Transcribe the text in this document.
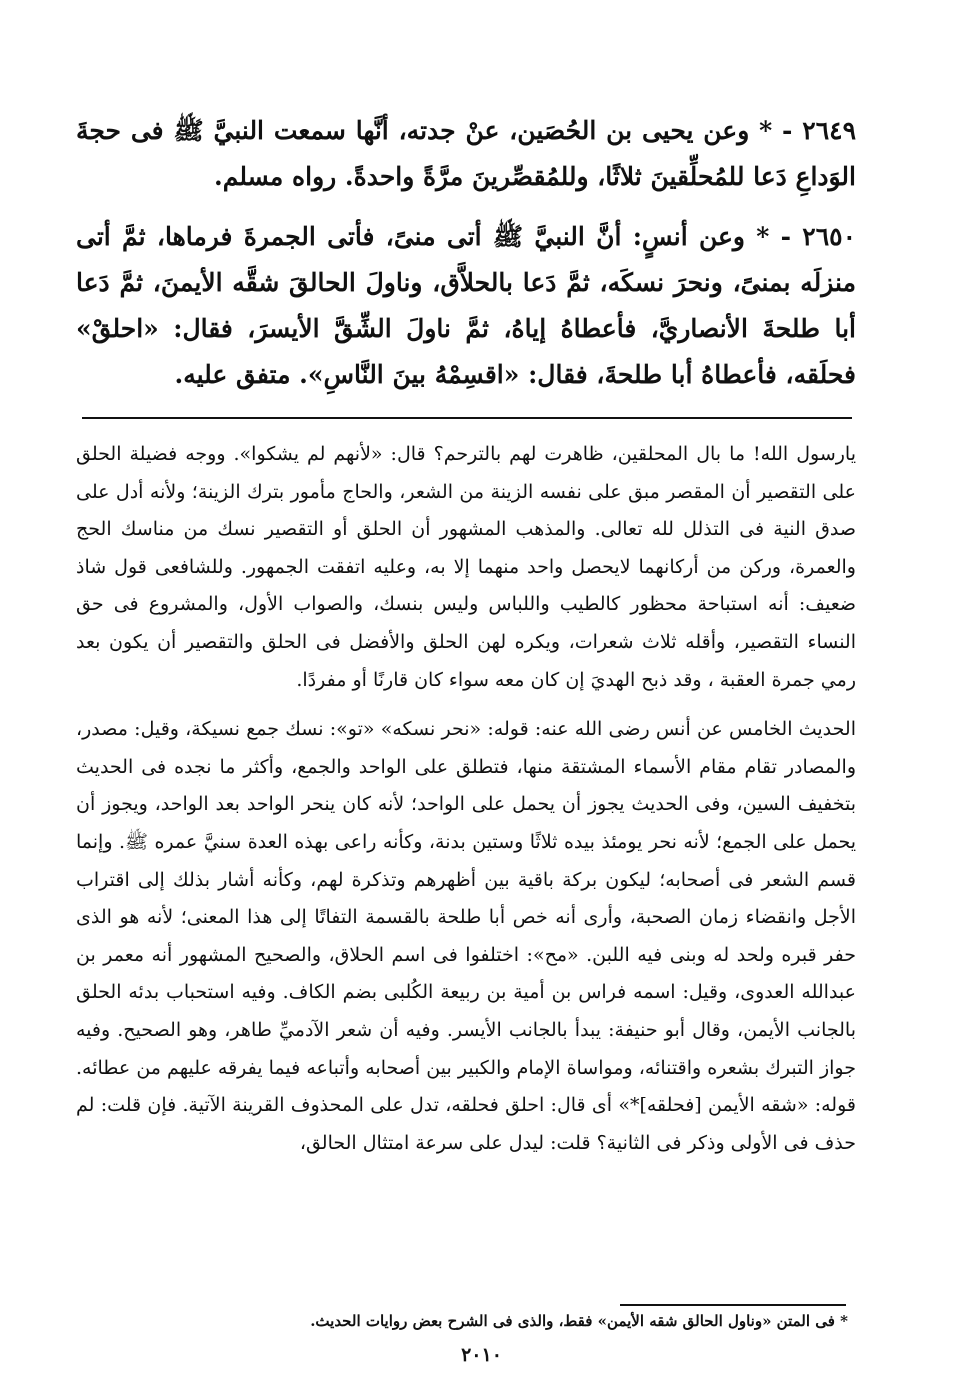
٢٦٤٩ - * وعن يحيى بن الحُصَين، عنْ جدته، أنَّها سمعت النبيَّ ﷺ فى حجةَ الوَداعِ دَعا للمُحلِّقينَ ثلاثًا، وللمُقصِّرينَ مرَّةً واحدةً. رواه مسلم.

٢٦٥٠ - * وعن أنسٍ: أنَّ النبيَّ ﷺ أتى منىً، فأتى الجمرةَ فرماها، ثمَّ أتى منزلَه بمنىً، ونحرَ نسكَه، ثمَّ دَعا بالحلاَّق، وناولَ الحالقَ شقَّه الأيمنَ، ثمَّ دَعا أبا طلحةَ الأنصاريَّ، فأعطاهُ إياهُ، ثمَّ ناولَ الشِّقَّ الأيسرَ، فقال: «احلقْ» فحلَقه، فأعطاهُ أبا طلحةَ، فقال: «اقسِمْهُ بينَ النَّاسِ». متفق عليه.

يارسول الله! ما بال المحلقين، ظاهرت لهم بالترحم؟ قال: «لأنهم لم يشكوا». ووجه فضيلة الحلق على التقصير أن المقصر مبق على نفسه الزينة من الشعر، والحاج مأمور بترك الزينة؛ ولأنه أدل على صدق النية فى التذلل لله تعالى. والمذهب المشهور أن الحلق أو التقصير نسك من مناسك الحج والعمرة، وركن من أركانهما لايحصل واحد منهما إلا به، وعليه اتفقت الجمهور. وللشافعى قول شاذ ضعيف: أنه استباحة محظور كالطيب واللباس وليس بنسك، والصواب الأول، والمشروع فى حق النساء التقصير، وأقله ثلاث شعرات، ويكره لهن الحلق والأفضل فى الحلق والتقصير أن يكون بعد رمي جمرة العقبة ، وقد ذبح الهديَ إن كان معه سواء كان قارنًا أو مفردًا.

الحديث الخامس عن أنس رضى الله عنه: قوله: «نحر نسكه» «تو»: نسك جمع نسيكة، وقيل: مصدر، والمصادر تقام مقام الأسماء المشتقة منها، فتطلق على الواحد والجمع، وأكثر ما نجده فى الحديث بتخفيف السين، وفى الحديث يجوز أن يحمل على الواحد؛ لأنه كان ينحر الواحد بعد الواحد، ويجوز أن يحمل على الجمع؛ لأنه نحر يومئذ بيده ثلاثًا وستين بدنة، وكأنه راعى بهذه العدة سنيَّ عمره ﷺ. وإنما قسم الشعر فى أصحابه؛ ليكون بركة باقية بين أظهرهم وتذكرة لهم، وكأنه أشار بذلك إلى اقتراب الأجل وانقضاء زمان الصحبة، وأرى أنه خص أبا طلحة بالقسمة التفاتًا إلى هذا المعنى؛ لأنه هو الذى حفر قبره ولحد له وبنى فيه اللبن. «مح»: اختلفوا فى اسم الحلاق، والصحيح المشهور أنه معمر بن عبدالله العدوى، وقيل: اسمه فراس بن أمية بن ربيعة الكُلبى بضم الكاف. وفيه استحباب بدئه الحلق بالجانب الأيمن، وقال أبو حنيفة: يبدأ بالجانب الأيسر. وفيه أن شعر الآدميِّ طاهر، وهو الصحيح. وفيه جواز التبرك بشعره واقتنائه، ومواساة الإمام والكبير بين أصحابه وأتباعه فيما يفرقه عليهم من عطائه. قوله: «شقه الأيمن [فحلقه]*» أى قال: احلق فحلقه، تدل على المحذوف القرينة الآتية. فإن قلت: لم حذف فى الأولى وذكر فى الثانية؟ قلت: ليدل على سرعة امتثال الحالق،

* فى المتن «وناول الحالق شقه الأيمن» فقط، والذى فى الشرح بعض روايات الحديث.
٢٠١٠
